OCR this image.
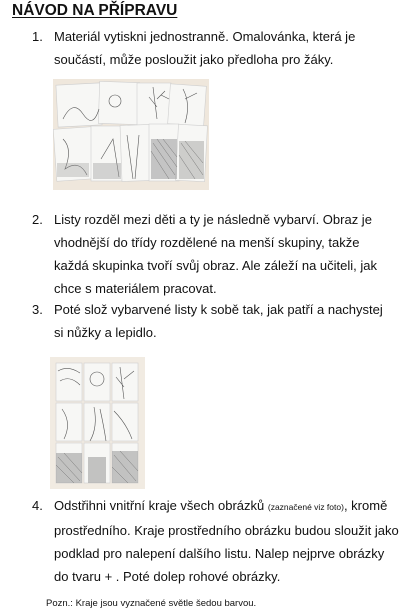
NÁVOD NA PŘÍPRAVU
1. Materiál vytiskni jednostranně. Omalovánka, která je součástí, může posloužit jako předloha pro žáky.
2. Listy rozděl mezi děti a ty je následně vybarví. Obraz je vhodnější do třídy rozdělené na menší skupiny, takže každá skupinka tvoří svůj obraz. Ale záleží na učiteli, jak chce s materiálem pracovat.
3. Poté slož vybarvené listy k sobě tak, jak patří a nachystej si nůžky a lepidlo.
4. Odstřihni vnitřní kraje všech obrázků (zaznačené viz foto), kromě prostředního. Kraje prostředního obrázku budou sloužit jako podklad pro nalepení dalšího listu. Nalep nejprve obrázky do tvaru + . Poté dolep rohové obrázky.
Pozn.: Kraje jsou vyznačené světle šedou barvou.
